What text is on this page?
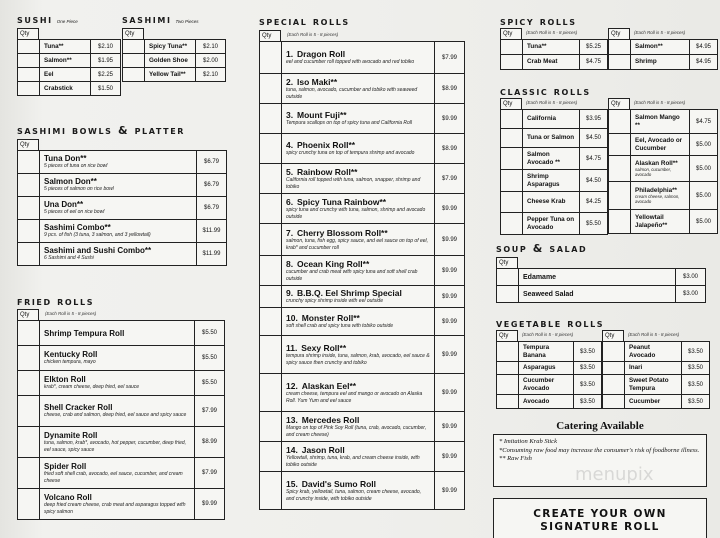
sushi One Piece
Qty
	Tuna**	$2.10
	Salmon**	$1.95
	Eel	$2.25
	Crabstick	$1.50
sashimi Two Pieces
Qty
	Spicy Tuna**	$2.10
	Golden Shoe	$2.00
	Yellow Tail**	$2.10
sashimi bowls & platter
Qty
	Tuna Don**
5 pieces of tuna on rice bowl	$6.79
	Salmon Don**
5 pieces of salmon on rice bowl	$6.79
	Una Don**
5 pieces of eel on rice bowl	$6.79
	Sashimi Combo**
9 pcs. of fish (3 tuna, 3 salmon, and 3 yellowtail)	$11.99
	Sashimi and Sushi Combo**
6 Sashimi and 4 Sushi	$11.99
fried rolls
Qty	(Each Roll is 5 - 8 pieces)
	Shrimp Tempura Roll	$5.50
	Kentucky Roll
chicken tempura, mayo	$5.50
	Elkton Roll
krab*, cream cheese, deep fried, eel sauce	$5.50
	Shell Cracker Roll
cheese, crab and salmon, deep fried, eel sauce and spicy sauce	$7.99
	Dynamite Roll
tuna, salmon, krab*, avocado, hot pepper, cucumber, deep fried, eel sauce, spicy sauce	$8.99
	Spider Roll
fried soft shell crab, avocado, eel sauce, cucumber, and cream cheese	$7.99
	Volcano Roll
deep fried cream cheese, crab meat and asparagus topped with spicy salmon	$9.99
special rolls
Qty	(Each Roll is 5 - 8 pieces)
	1. Dragon Roll
eel and cucumber roll topped with avocado and red tobiko	$7.99
	2. Iso Maki**
tuna, salmon, avocado, cucumber and tobiko with seaweed outside	$8.99
	3. Mount Fuji**
Tempura scallops on top of spicy tuna and California Roll	$9.99
	4. Phoenix Roll**
spicy crunchy tuna on top of tempura shrimp and avocado	$8.99
	5. Rainbow Roll**
California roll topped with tuna, salmon, snapper, shrimp and tobiko	$7.99
	6. Spicy Tuna Rainbow**
spicy tuna and crunchy with tuna, salmon, shrimp and avocado outside	$9.99
	7. Cherry Blossom Roll**
salmon, tuna, fish egg, spicy sauce, and eel sauce on top of eel, krab* and cucumber roll	$9.99
	8. Ocean King Roll**
cucumber and crab meat with spicy tuna and soft shell crab outside	$9.99
	9. B.B.Q. Eel Shrimp Special
crunchy spicy shrimp inside with eel outside	$9.99
	10. Monster Roll**
soft shell crab and spicy tuna with tobiko outside	$9.99
	11. Sexy Roll**
tempura shrimp inside, tuna, salmon, krab, avocado, eel sauce & spicy sauce then crunchy and tobiko	$9.99
	12. Alaskan Eel**
cream cheese, tempura eel and mango or avocado on Alaska Roll. Yum Yum and eel sauce	$9.99
	13. Mercedes Roll
Mango on top of Pink Soy Roll (tuna, crab, avocado, cucumber, and cream cheese)	$9.99
	14. Jason Roll
Yellowtail, shrimp, tuna, krab, and cream cheese inside, with tobiko outside	$9.99
	15. David's Sumo Roll
Spicy krab, yellowtail, tuna, salmon, cream cheese, avocado, and crunchy inside, with tobiko outside	$9.99
spicy rolls
Qty	(Each Roll is 5 - 8 pieces)
	Tuna**	$5.25
	Crab Meat	$4.75
Qty	(Each Roll is 5 - 8 pieces)
	Salmon**	$4.95
	Shrimp	$4.95
classic rolls
Qty	(Each Roll is 5 - 8 pieces)
	California	$3.95
	Tuna or Salmon	$4.50
	Salmon Avocado **	$4.75
	Shrimp Asparagus	$4.50
	Cheese Krab	$4.25
	Pepper Tuna on Avocado	$5.50
Qty	(Each Roll is 5 - 8 pieces)
	Salmon Mango **	$4.75
	Eel, Avocado or Cucumber	$5.00
	Alaskan Roll**
salmon, cucumber, avocado	$5.00
	Philadelphia**
cream cheese, salmon, avocado	$5.00
	Yellowtail Jalapeño**	$5.00
soup & salad
Qty
	Edamame	$3.00
	Seaweed Salad	$3.00
vegetable rolls
Qty	(Each Roll is 5 - 8 pieces)
	Tempura Banana	$3.50
	Asparagus	$3.50
	Cucumber Avocado	$3.50
	Avocado	$3.50
Qty	(Each Roll is 5 - 8 pieces)
	Peanut Avocado	$3.50
	Inari	$3.50
	Sweet Potato Tempura	$3.50
	Cucumber	$3.50
Catering Available
* Imitation Krab Stick
*Consuming raw food may increase the consumer's risk of foodborne illness.
** Raw Fish
CREATE YOUR OWN
SIGNATURE ROLL
menupix
